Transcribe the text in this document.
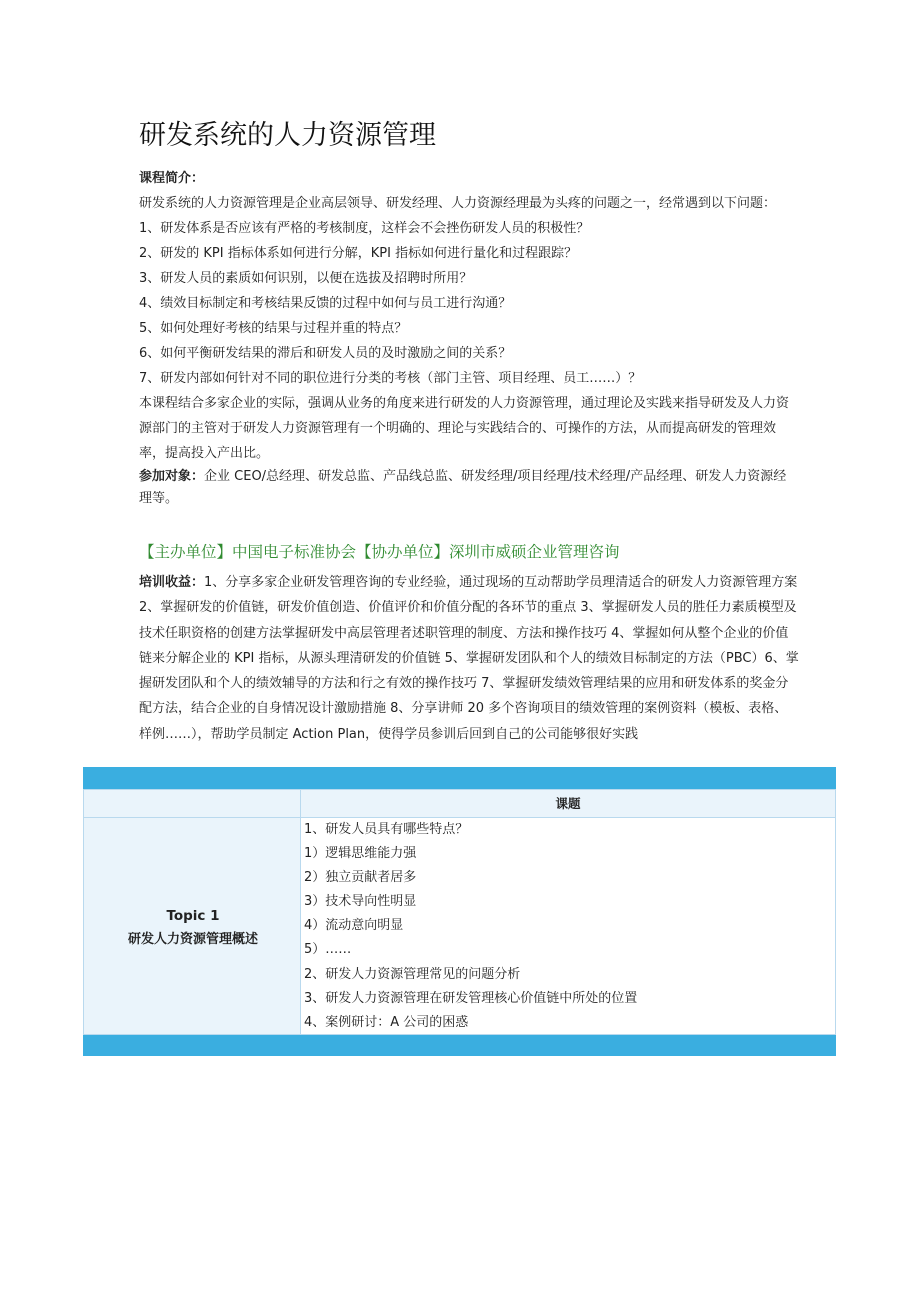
研发系统的人力资源管理

课程简介：

研发系统的人力资源管理是企业高层领导、研发经理、人力资源经理最为头疼的问题之一，经常遇到以下问题：

1、研发体系是否应该有严格的考核制度，这样会不会挫伤研发人员的积极性？

2、研发的 KPI 指标体系如何进行分解，KPI 指标如何进行量化和过程跟踪？

3、研发人员的素质如何识别，以便在选拔及招聘时所用？

4、绩效目标制定和考核结果反馈的过程中如何与员工进行沟通？

5、如何处理好考核的结果与过程并重的特点？

6、如何平衡研发结果的滞后和研发人员的及时激励之间的关系？

7、研发内部如何针对不同的职位进行分类的考核（部门主管、项目经理、员工……）？

本课程结合多家企业的实际，强调从业务的角度来进行研发的人力资源管理，通过理论及实践来指导研发及人力资源部门的主管对于研发人力资源管理有一个明确的、理论与实践结合的、可操作的方法，从而提高研发的管理效率，提高投入产出比。

参加对象：企业 CEO/总经理、研发总监、产品线总监、研发经理/项目经理/技术经理/产品经理、研发人力资源经理等。

【主办单位】中国电子标准协会【协办单位】深圳市威硕企业管理咨询

培训收益：1、分享多家企业研发管理咨询的专业经验，通过现场的互动帮助学员理清适合的研发人力资源管理方案 2、掌握研发的价值链，研发价值创造、价值评价和价值分配的各环节的重点 3、掌握研发人员的胜任力素质模型及技术任职资格的创建方法掌握研发中高层管理者述职管理的制度、方法和操作技巧 4、掌握如何从整个企业的价值链来分解企业的 KPI 指标，从源头理清研发的价值链 5、掌握研发团队和个人的绩效目标制定的方法（PBC）6、掌握研发团队和个人的绩效辅导的方法和行之有效的操作技巧 7、掌握研发绩效管理结果的应用和研发体系的奖金分配方法，结合企业的自身情况设计激励措施 8、分享讲师 20 多个咨询项目的绩效管理的案例资料（模板、表格、样例……），帮助学员制定 Action Plan，使得学员参训后回到自己的公司能够很好实践

课题
Topic 1
研发人力资源管理概述
1、研发人员具有哪些特点？
1）逻辑思维能力强
2）独立贡献者居多
3）技术导向性明显
4）流动意向明显
5）……
2、研发人力资源管理常见的问题分析
3、研发人力资源管理在研发管理核心价值链中所处的位置
4、案例研讨：A 公司的困惑
